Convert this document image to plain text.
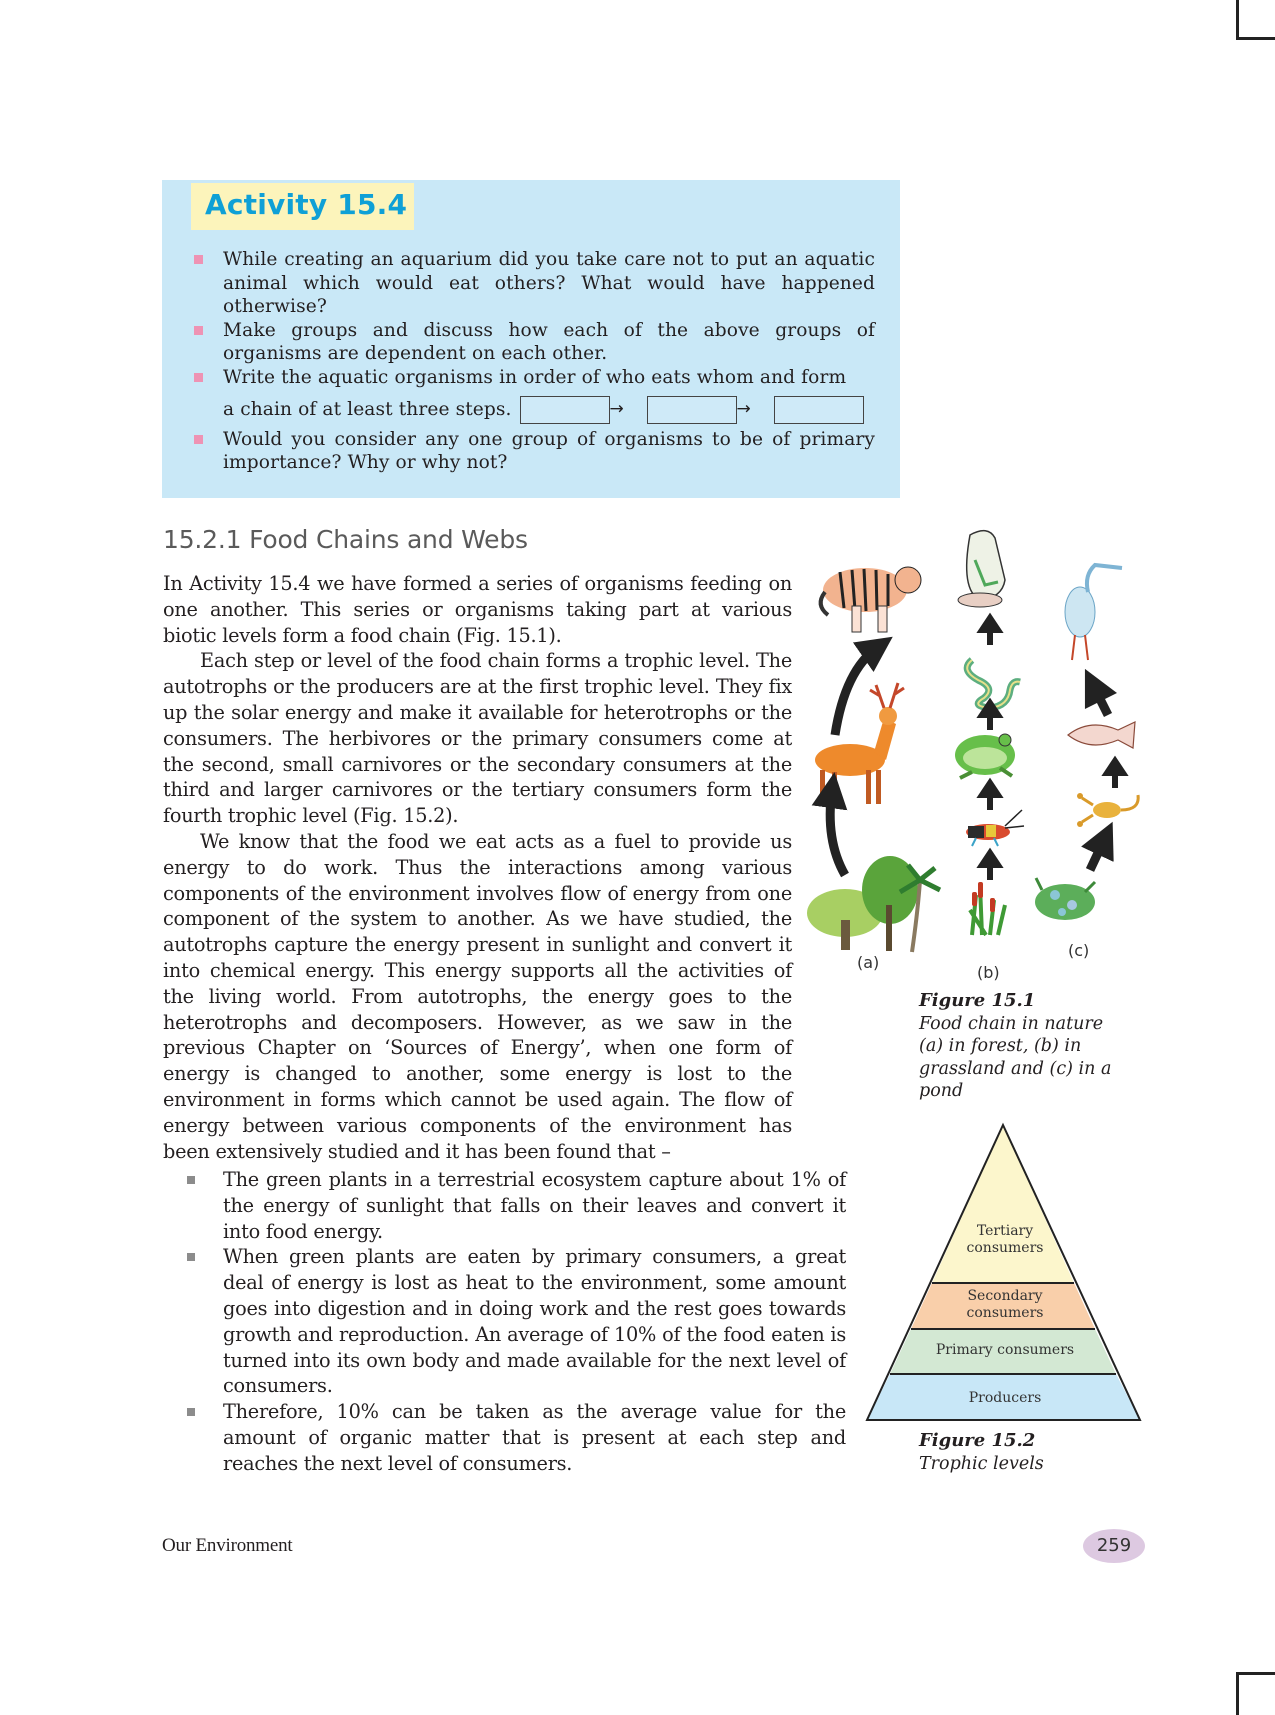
Activity 15.4
While creating an aquarium did you take care not to put an aquatic animal which would eat others? What would have happened otherwise?
Make groups and discuss how each of the above groups of organisms are dependent on each other.
Write the aquatic organisms in order of who eats whom and form
a chain of at least three steps.	→	→
Would you consider any one group of organisms to be of primary importance? Why or why not?
15.2.1 Food Chains and Webs

In Activity 15.4 we have formed a series of organisms feeding on one another. This series or organisms taking part at various biotic levels form a food chain (Fig. 15.1).

Each step or level of the food chain forms a trophic level. The autotrophs or the producers are at the first trophic level. They fix up the solar energy and make it available for heterotrophs or the consumers. The herbivores or the primary consumers come at the second, small carnivores or the secondary consumers at the third and larger carnivores or the tertiary consumers form the fourth trophic level (Fig. 15.2).

We know that the food we eat acts as a fuel to provide us energy to do work. Thus the interactions among various components of the environment involves flow of energy from one component of the system to another. As we have studied, the autotrophs capture the energy present in sunlight and convert it into chemical energy. This energy supports all the activities of the living world. From autotrophs, the energy goes to the heterotrophs and decomposers. However, as we saw in the previous Chapter on ‘Sources of Energy’, when one form of energy is changed to another, some energy is lost to the environment in forms which cannot be used again. The flow of energy between various components of the environment has been extensively studied and it has been found that –

The green plants in a terrestrial ecosystem capture about 1% of the energy of sunlight that falls on their leaves and convert it into food energy.
When green plants are eaten by primary consumers, a great deal of energy is lost as heat to the environment, some amount goes into digestion and in doing work and the rest goes towards growth and reproduction. An average of 10% of the food eaten is turned into its own body and made available for the next level of consumers.
Therefore, 10% can be taken as the average value for the amount of organic matter that is present at each step and reaches the next level of consumers.
(a)
(b)
(c)
Figure 15.1
Food chain in nature (a) in forest, (b) in grassland and (c) in a pond
Tertiary
consumers
Secondary
consumers
Primary consumers
Producers
Figure 15.2
Trophic levels
Our Environment	259
